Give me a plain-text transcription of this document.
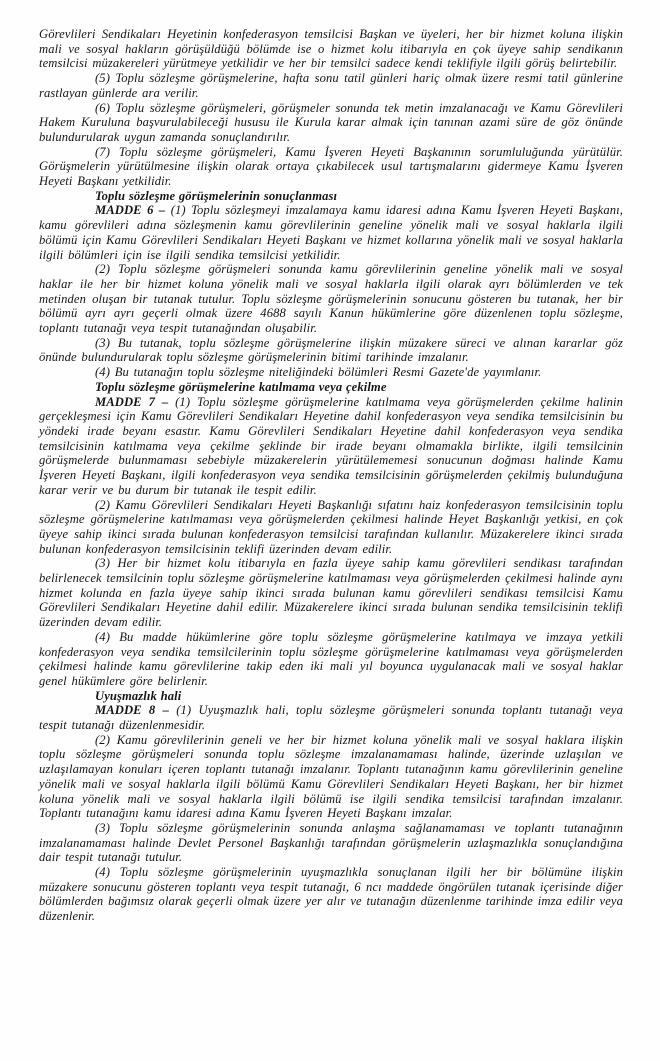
Görevlileri Sendikaları Heyetinin konfederasyon temsilcisi Başkan ve üyeleri, her bir hizmet koluna ilişkin mali ve sosyal hakların görüşüldüğü bölümde ise o hizmet kolu itibarıyla en çok üyeye sahip sendikanın temsilcisi müzakereleri yürütmeye yetkilidir ve her bir temsilci sadece kendi teklifiyle ilgili görüş belirtebilir.

(5) Toplu sözleşme görüşmelerine, hafta sonu tatil günleri hariç olmak üzere resmi tatil günlerine rastlayan günlerde ara verilir.

(6) Toplu sözleşme görüşmeleri, görüşmeler sonunda tek metin imzalanacağı ve Kamu Görevlileri Hakem Kuruluna başvurulabileceği hususu ile Kurula karar almak için tanınan azami süre de göz önünde bulundurularak uygun zamanda sonuçlandırılır.

(7) Toplu sözleşme görüşmeleri, Kamu İşveren Heyeti Başkanının sorumluluğunda yürütülür. Görüşmelerin yürütülmesine ilişkin olarak ortaya çıkabilecek usul tartışmalarını gidermeye Kamu İşveren Heyeti Başkanı yetkilidir.

Toplu sözleşme görüşmelerinin sonuçlanması

MADDE 6 – (1) Toplu sözleşmeyi imzalamaya kamu idaresi adına Kamu İşveren Heyeti Başkanı, kamu görevlileri adına sözleşmenin kamu görevlilerinin geneline yönelik mali ve sosyal haklarla ilgili bölümü için Kamu Görevlileri Sendikaları Heyeti Başkanı ve hizmet kollarına yönelik mali ve sosyal haklarla ilgili bölümleri için ise ilgili sendika temsilcisi yetkilidir.

(2) Toplu sözleşme görüşmeleri sonunda kamu görevlilerinin geneline yönelik mali ve sosyal haklar ile her bir hizmet koluna yönelik mali ve sosyal haklarla ilgili olarak ayrı bölümlerden ve tek metinden oluşan bir tutanak tutulur. Toplu sözleşme görüşmelerinin sonucunu gösteren bu tutanak, her bir bölümü ayrı ayrı geçerli olmak üzere 4688 sayılı Kanun hükümlerine göre düzenlenen toplu sözleşme, toplantı tutanağı veya tespit tutanağından oluşabilir.

(3) Bu tutanak, toplu sözleşme görüşmelerine ilişkin müzakere süreci ve alınan kararlar göz önünde bulundurularak toplu sözleşme görüşmelerinin bitimi tarihinde imzalanır.

(4) Bu tutanağın toplu sözleşme niteliğindeki bölümleri Resmi Gazete'de yayımlanır.

Toplu sözleşme görüşmelerine katılmama veya çekilme

MADDE 7 – (1) Toplu sözleşme görüşmelerine katılmama veya görüşmelerden çekilme halinin gerçekleşmesi için Kamu Görevlileri Sendikaları Heyetine dahil konfederasyon veya sendika temsilcisinin bu yöndeki irade beyanı esastır. Kamu Görevlileri Sendikaları Heyetine dahil konfederasyon veya sendika temsilcisinin katılmama veya çekilme şeklinde bir irade beyanı olmamakla birlikte, ilgili temsilcinin görüşmelerde bulunmaması sebebiyle müzakerelerin yürütülememesi sonucunun doğması halinde Kamu İşveren Heyeti Başkanı, ilgili konfederasyon veya sendika temsilcisinin görüşmelerden çekilmiş bulunduğuna karar verir ve bu durum bir tutanak ile tespit edilir.

(2) Kamu Görevlileri Sendikaları Heyeti Başkanlığı sıfatını haiz konfederasyon temsilcisinin toplu sözleşme görüşmelerine katılmaması veya görüşmelerden çekilmesi halinde Heyet Başkanlığı yetkisi, en çok üyeye sahip ikinci sırada bulunan konfederasyon temsilcisi tarafından kullanılır. Müzakerelere ikinci sırada bulunan konfederasyon temsilcisinin teklifi üzerinden devam edilir.

(3) Her bir hizmet kolu itibarıyla en fazla üyeye sahip kamu görevlileri sendikası tarafından belirlenecek temsilcinin toplu sözleşme görüşmelerine katılmaması veya görüşmelerden çekilmesi halinde aynı hizmet kolunda en fazla üyeye sahip ikinci sırada bulunan kamu görevlileri sendikası temsilcisi Kamu Görevlileri Sendikaları Heyetine dahil edilir. Müzakerelere ikinci sırada bulunan sendika temsilcisinin teklifi üzerinden devam edilir.

(4) Bu madde hükümlerine göre toplu sözleşme görüşmelerine katılmaya ve imzaya yetkili konfederasyon veya sendika temsilcilerinin toplu sözleşme görüşmelerine katılmaması veya görüşmelerden çekilmesi halinde kamu görevlilerine takip eden iki mali yıl boyunca uygulanacak mali ve sosyal haklar genel hükümlere göre belirlenir.

Uyuşmazlık hali

MADDE 8 – (1) Uyuşmazlık hali, toplu sözleşme görüşmeleri sonunda toplantı tutanağı veya tespit tutanağı düzenlenmesidir.

(2) Kamu görevlilerinin geneli ve her bir hizmet koluna yönelik mali ve sosyal haklara ilişkin toplu sözleşme görüşmeleri sonunda toplu sözleşme imzalanamaması halinde, üzerinde uzlaşılan ve uzlaşılamayan konuları içeren toplantı tutanağı imzalanır. Toplantı tutanağının kamu görevlilerinin geneline yönelik mali ve sosyal haklarla ilgili bölümü Kamu Görevlileri Sendikaları Heyeti Başkanı, her bir hizmet koluna yönelik mali ve sosyal haklarla ilgili bölümü ise ilgili sendika temsilcisi tarafından imzalanır. Toplantı tutanağını kamu idaresi adına Kamu İşveren Heyeti Başkanı imzalar.

(3) Toplu sözleşme görüşmelerinin sonunda anlaşma sağlanamaması ve toplantı tutanağının imzalanamaması halinde Devlet Personel Başkanlığı tarafından görüşmelerin uzlaşmazlıkla sonuçlandığına dair tespit tutanağı tutulur.

(4) Toplu sözleşme görüşmelerinin uyuşmazlıkla sonuçlanan ilgili her bir bölümüne ilişkin müzakere sonucunu gösteren toplantı veya tespit tutanağı, 6 ncı maddede öngörülen tutanak içerisinde diğer bölümlerden bağımsız olarak geçerli olmak üzere yer alır ve tutanağın düzenlenme tarihinde imza edilir veya düzenlenir.
